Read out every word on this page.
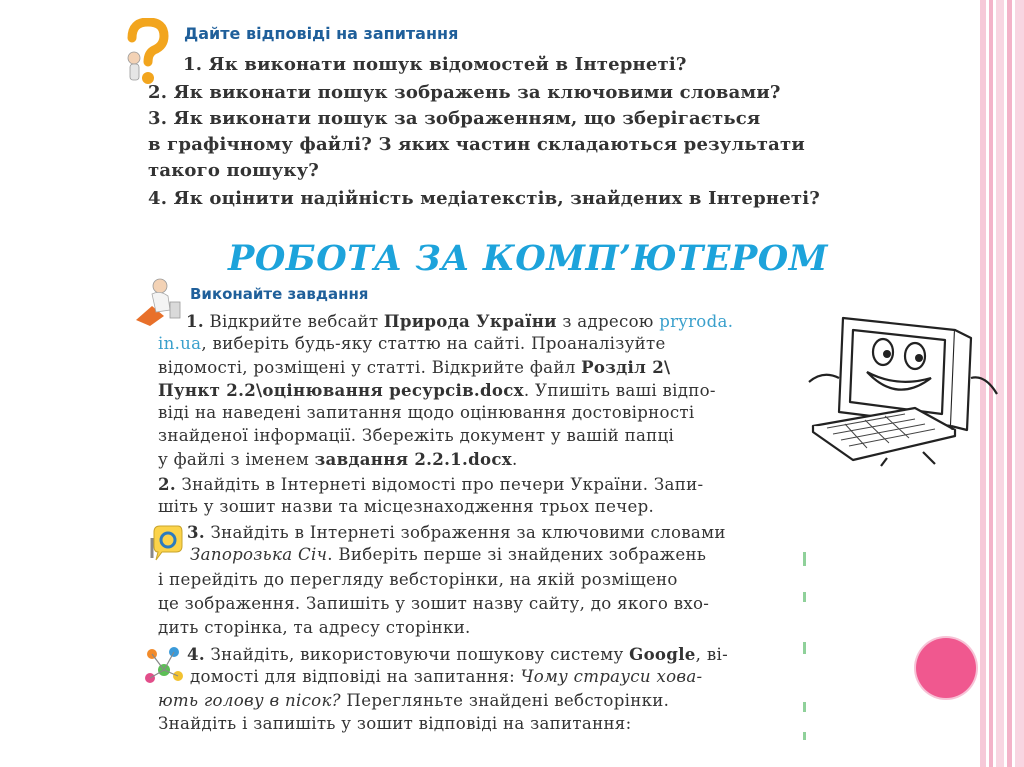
Дайте відповіді на запитання
1. Як виконати пошук відомостей в Інтернеті?
2. Як виконати пошук зображень за ключовими словами?
3. Як виконати пошук за зображенням, що зберігається
в графічному файлі? З яких частин складаються результати
такого пошуку?
4. Як оцінити надійність медіатекстів, знайдених в Інтернеті?
РОБОТА ЗА КОМП’ЮТЕРОМ
Виконайте завдання
1. Відкрийте вебсайт Природа України з адресою pryroda.
in.ua, виберіть будь-яку статтю на сайті. Проаналізуйте
відомості, розміщені у статті. Відкрийте файл Розділ 2\
Пункт 2.2\оцінювання ресурсів.docx. Упишіть ваші відпо-
віді на наведені запитання щодо оцінювання достовірності
знайденої інформації. Збережіть документ у вашій папці
у файлі з іменем завдання 2.2.1.docx.
2. Знайдіть в Інтернеті відомості про печери України. Запи-
шіть у зошит назви та місцезнаходження трьох печер.
3. Знайдіть в Інтернеті зображення за ключовими словами
Запорозька Січ. Виберіть перше зі знайдених зображень
і перейдіть до перегляду вебсторінки, на якій розміщено
це зображення. Запишіть у зошит назву сайту, до якого вхо-
дить сторінка, та адресу сторінки.
4. Знайдіть, використовуючи пошукову систему Google, ві-
домості для відповіді на запитання: Чому страуси хова-
ють голову в пісок? Перегляньте знайдені вебсторінки.
Знайдіть і запишіть у зошит відповіді на запитання:
